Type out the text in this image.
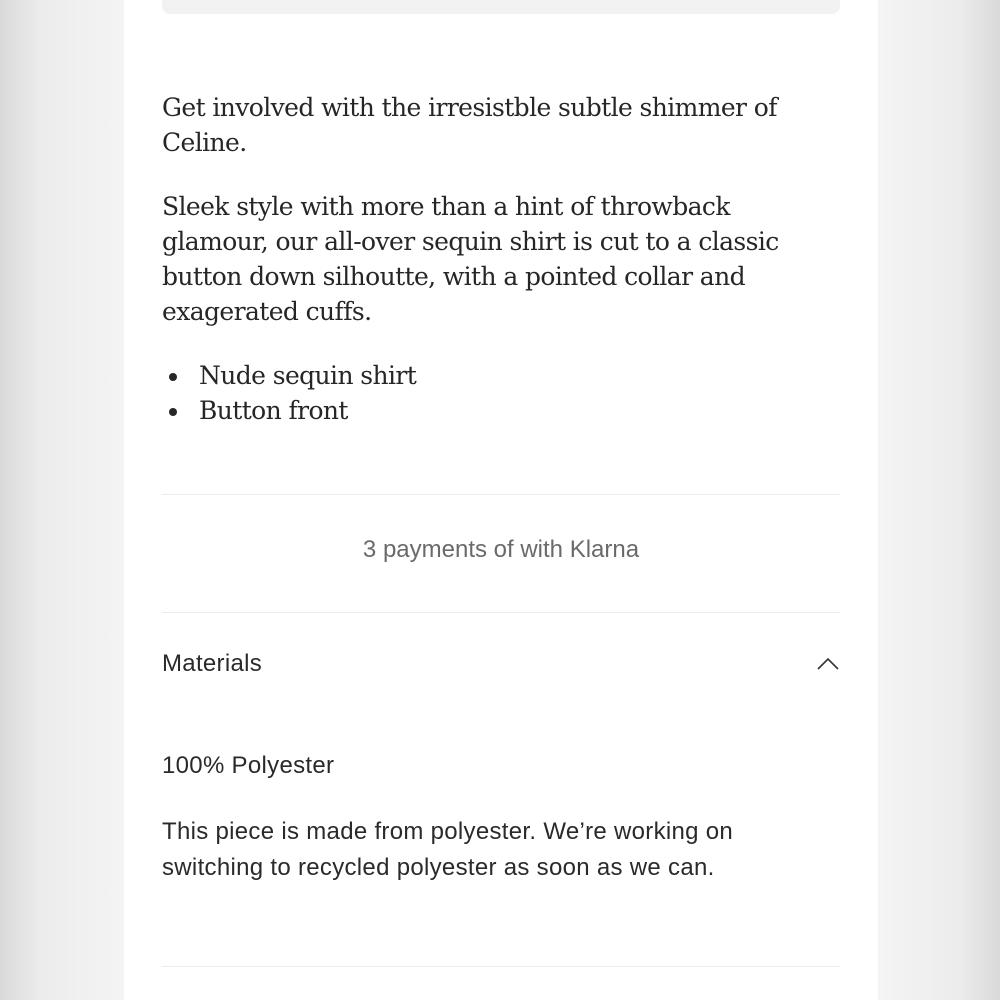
Get involved with the irresistble subtle shimmer of Celine.

Sleek style with more than a hint of throwback glamour, our all-over sequin shirt is cut to a classic button down silhoutte, with a pointed collar and exagerated cuffs.

Nude sequin shirt
Button front
3 payments of with Klarna
Materials

100% Polyester

This piece is made from polyester. We’re working on switching to recycled polyester as soon as we can.
